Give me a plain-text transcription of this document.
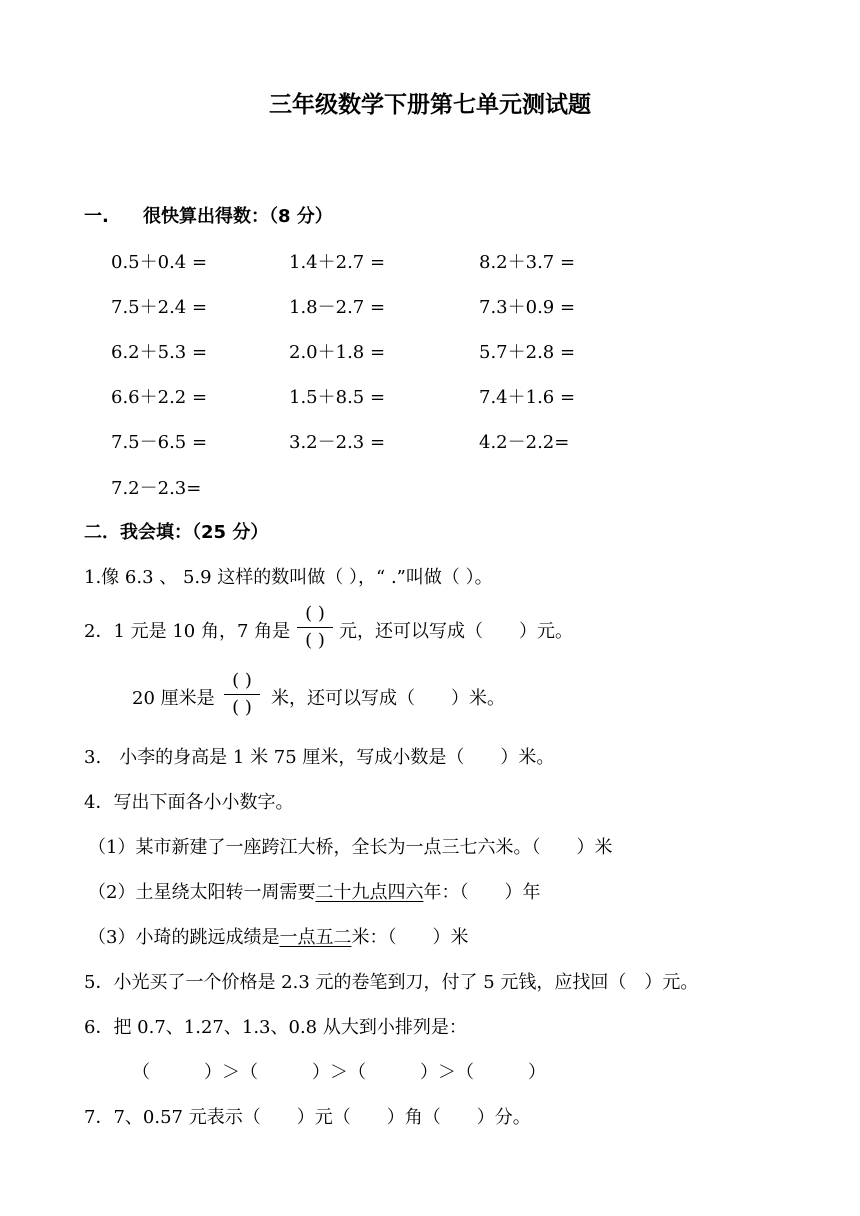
三年级数学下册第七单元测试题
一. 很快算出得数：（8 分）
0.5＋0.4 =	1.4＋2.7 =	8.2＋3.7 =
7.5＋2.4 =	1.8－2.7 =	7.3＋0.9 =
6.2＋5.3 =	2.0＋1.8 =	5.7＋2.8 =
6.6＋2.2 =	1.5＋8.5 =	7.4＋1.6 =
7.5－6.5 =	3.2－2.3 =	4.2－2.2=
7.2－2.3=
二．我会填：（25 分）
1.像 6.3 、 5.9 这样的数叫做（ ），“ .”叫做（ ）。
2．1 元是 10 角，7 角是
( )
( ) 元，还可以写成（　　）元。
20 厘米是
( )
( ) 米，还可以写成（　　）米。
3.　小李的身高是 1 米 75 厘米，写成小数是（　　）米。
4．写出下面各小小数字。
（1）某市新建了一座跨江大桥，全长为一点三七六米。（　　）米
（2）土星绕太阳转一周需要二十九点四六年：（　　）年
（3）小琦的跳远成绩是一点五二米：（　　）米
5．小光买了一个价格是 2.3 元的卷笔到刀，付了 5 元钱，应找回（　）元。
6．把 0.7、1.27、1.3、0.8 从大到小排列是：
（　　　）＞（　　　）＞（　　　）＞（　　　）
7．7、0.57 元表示（　　）元（　　）角（　　）分。
